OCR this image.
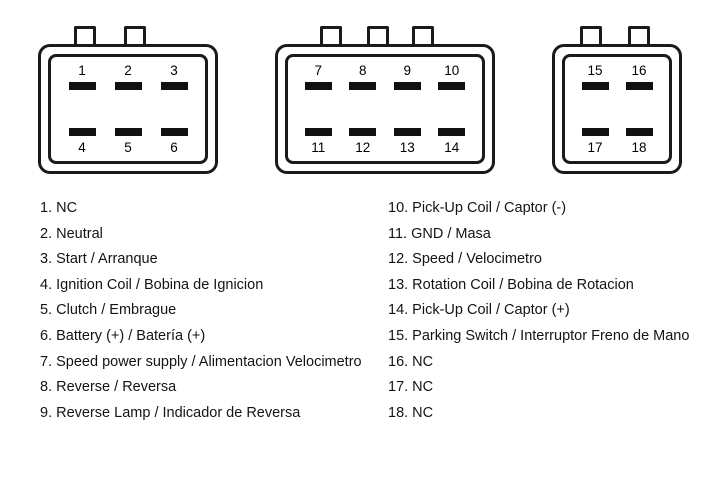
1	2	3
4	5	6
7	8	9	10
11	12	13	14
15	16
17	18
1. NC
2. Neutral
3. Start / Arranque
4. Ignition Coil / Bobina de Ignicion
5. Clutch / Embrague
6. Battery (+) / Batería (+)
7. Speed power supply / Alimentacion Velocimetro
8. Reverse / Reversa
9. Reverse Lamp / Indicador de Reversa
10. Pick-Up Coil / Captor (-)
11. GND / Masa
12. Speed / Velocimetro
13. Rotation Coil / Bobina de Rotacion
14. Pick-Up Coil / Captor (+)
15. Parking Switch / Interruptor Freno de Mano
16. NC
17. NC
18. NC
